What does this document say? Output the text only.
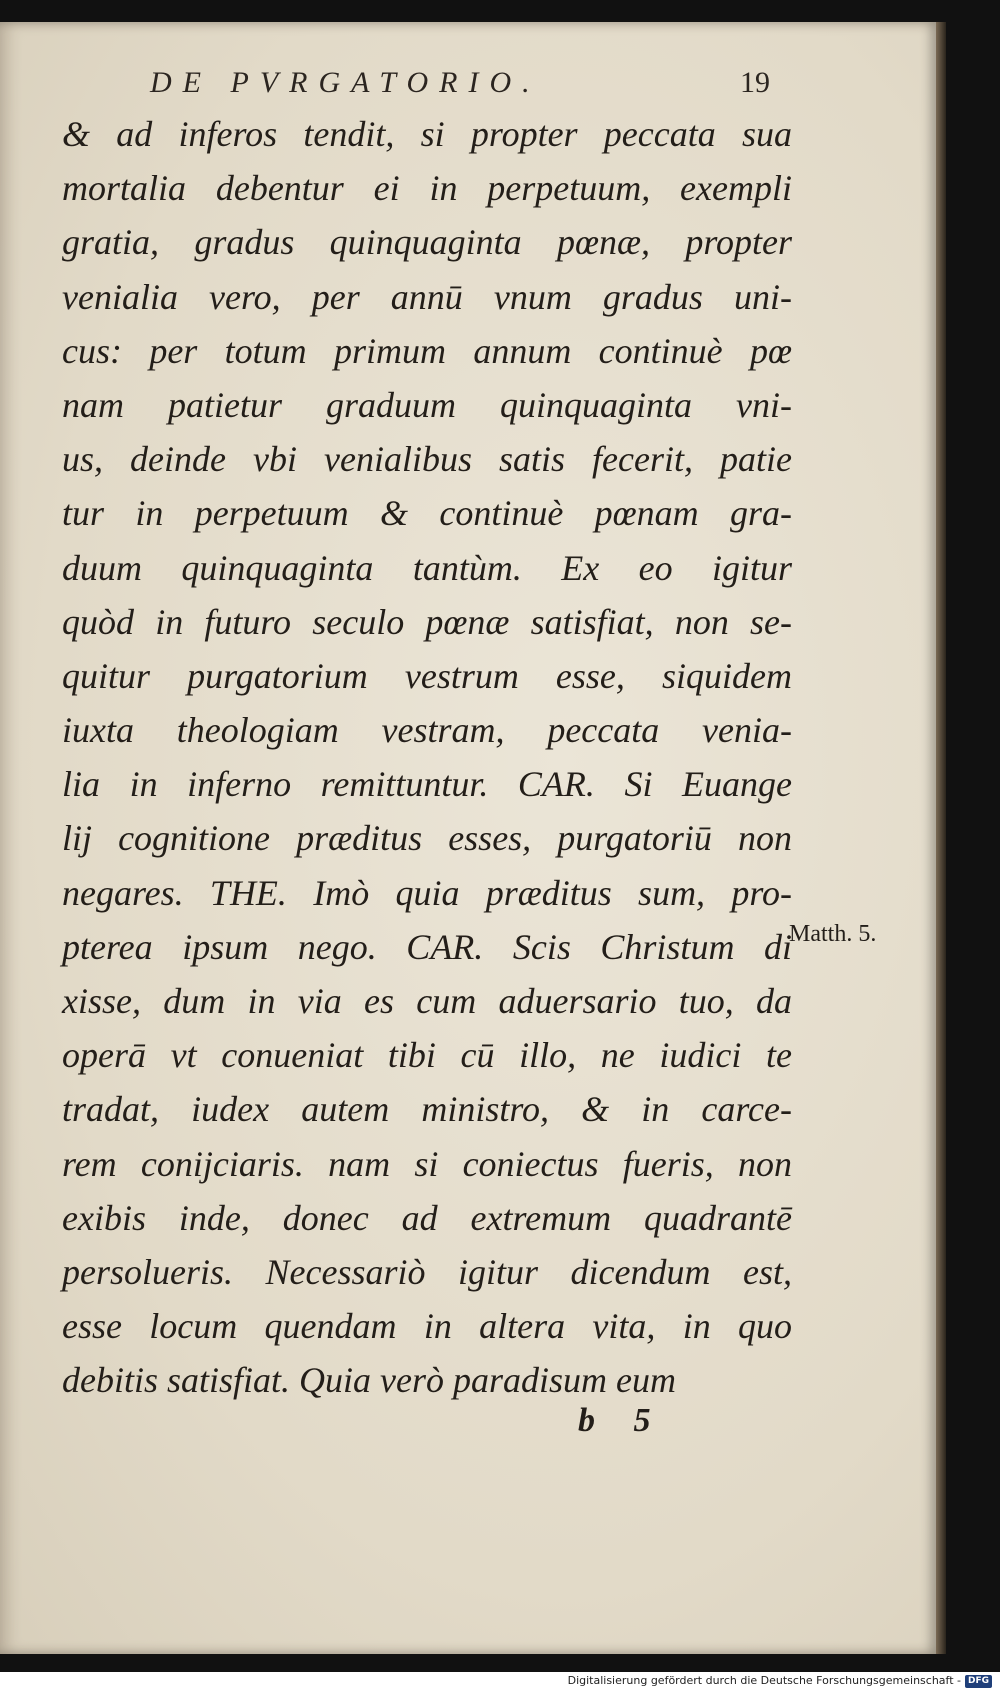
DE PVRGATORIO.	19
& ad inferos tendit, si propter peccata sua
mortalia debentur ei in perpetuum, exempli
gratia, gradus quinquaginta pœnæ, propter
venialia vero, per annū vnum gradus uni-
cus: per totum primum annum continuè pœ
nam patietur graduum quinquaginta vni-
us, deinde vbi venialibus satis fecerit, patie
tur in perpetuum & continuè pœnam gra-
duum quinquaginta tantùm. Ex eo igitur
quòd in futuro seculo pœnæ satisfiat, non se-
quitur purgatorium vestrum esse, siquidem
iuxta theologiam vestram, peccata venia-
lia in inferno remittuntur. CAR. Si Euange
lij cognitione præditus esses, purgatoriū non
negares. THE. Imò quia præditus sum, pro-
pterea ipsum nego. CAR. Scis Christum di
xisse, dum in via es cum aduersario tuo, da
operā vt conueniat tibi cū illo, ne iudici te
tradat, iudex autem ministro, & in carce-
rem conijciaris. nam si coniectus fueris, non
exibis inde, donec ad extremum quadrantē
persolueris. Necessariò igitur dicendum est,
esse locum quendam in altera vita, in quo
debitis satisfiat. Quia verò paradisum eum
Matth. 5.
b 5
Digitalisierung gefördert durch die Deutsche Forschungsgemeinschaft - DFG
